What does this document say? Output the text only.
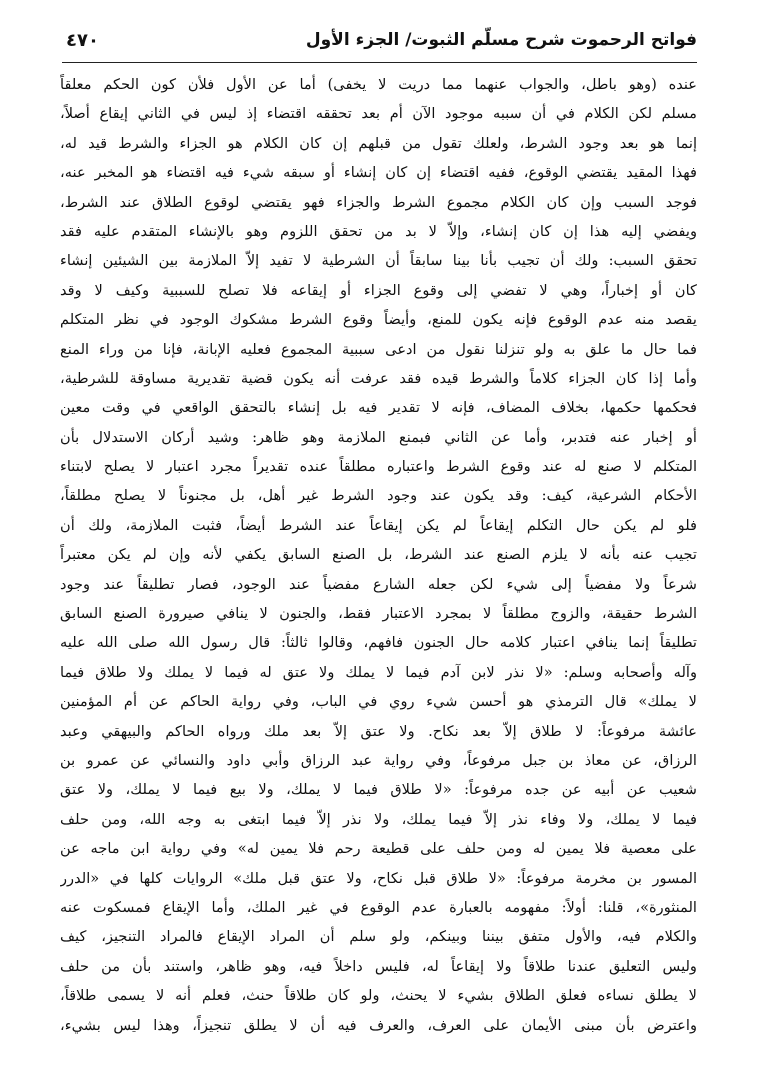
فواتح الرحموت شرح مسلّم الثبوت/ الجزء الأول
٤٧٠
عنده (وهو باطل، والجواب عنهما مما دريت لا يخفى) أما عن الأول فلأن كون الحكم معلقاً
مسلم لكن الكلام في أن سببه موجود الآن أم بعد تحققه اقتضاء إذ ليس في الثاني إيقاع أصلاً،
إنما هو بعد وجود الشرط، ولعلك تقول من قبلهم إن كان الكلام هو الجزاء والشرط قيد له،
فهذا المقيد يقتضي الوقوع، ففيه اقتضاء إن كان إنشاء أو سبقه شيء فيه اقتضاء هو المخبر عنه،
فوجد السبب وإن كان الكلام مجموع الشرط والجزاء فهو يقتضي لوقوع الطلاق عند الشرط،
ويفضي إليه هذا إن كان إنشاء، وإلاّ لا بد من تحقق اللزوم وهو بالإنشاء المتقدم عليه فقد
تحقق السبب: ولك أن تجيب بأنا بينا سابقاً أن الشرطية لا تفيد إلاّ الملازمة بين الشيئين إنشاء
كان أو إخباراً، وهي لا تفضي إلى وقوع الجزاء أو إيقاعه فلا تصلح للسببية وكيف لا وقد
يقصد منه عدم الوقوع فإنه يكون للمنع، وأيضاً وقوع الشرط مشكوك الوجود في نظر المتكلم
فما حال ما علق به ولو تنزلنا نقول من ادعى سببية المجموع فعليه الإبانة، فإنا من وراء المنع
وأما إذا كان الجزاء كلاماً والشرط قيده فقد عرفت أنه يكون قضية تقديرية مساوقة للشرطية،
فحكمها حكمها، بخلاف المضاف، فإنه لا تقدير فيه بل إنشاء بالتحقق الواقعي في وقت معين
أو إخبار عنه فتدبر، وأما عن الثاني فبمنع الملازمة وهو ظاهر: وشيد أركان الاستدلال بأن
المتكلم لا صنع له عند وقوع الشرط واعتباره مطلقاً عنده تقديراً مجرد اعتبار لا يصلح لابتناء
الأحكام الشرعية، كيف: وقد يكون عند وجود الشرط غير أهل، بل مجنوناً لا يصلح مطلقاً،
فلو لم يكن حال التكلم إيقاعاً لم يكن إيقاعاً عند الشرط أيضاً، فثبت الملازمة، ولك أن
تجيب عنه بأنه لا يلزم الصنع عند الشرط، بل الصنع السابق يكفي لأنه وإن لم يكن معتبراً
شرعاً ولا مفضياً إلى شيء لكن جعله الشارع مفضياً عند الوجود، فصار تطليقاً عند وجود
الشرط حقيقة، والزوج مطلقاً لا بمجرد الاعتبار فقط، والجنون لا ينافي صيرورة الصنع السابق
تطليقاً إنما ينافي اعتبار كلامه حال الجنون فافهم، وقالوا ثالثاً: قال رسول الله صلى الله عليه
وآله وأصحابه وسلم: «لا نذر لابن آدم فيما لا يملك ولا عتق له فيما لا يملك ولا طلاق فيما
لا يملك» قال الترمذي هو أحسن شيء روي في الباب، وفي رواية الحاكم عن أم المؤمنين
عائشة مرفوعاً: لا طلاق إلاّ بعد نكاح. ولا عتق إلاّ بعد ملك ورواه الحاكم والبيهقي وعبد
الرزاق، عن معاذ بن جبل مرفوعاً، وفي رواية عبد الرزاق وأبي داود والنسائي عن عمرو بن
شعيب عن أبيه عن جده مرفوعاً: «لا طلاق فيما لا يملك، ولا بيع فيما لا يملك، ولا عتق
فيما لا يملك، ولا وفاء نذر إلاّ فيما يملك، ولا نذر إلاّ فيما ابتغى به وجه الله، ومن حلف
على معصية فلا يمين له ومن حلف على قطيعة رحم فلا يمين له» وفي رواية ابن ماجه عن
المسور بن مخرمة مرفوعاً: «لا طلاق قبل نكاح، ولا عتق قبل ملك» الروايات كلها في «الدرر
المنثورة»، قلنا: أولاً: مفهومه بالعبارة عدم الوقوع في غير الملك، وأما الإيقاع فمسكوت عنه
والكلام فيه، والأول متفق بيننا وبينكم، ولو سلم أن المراد الإيقاع فالمراد التنجيز، كيف
وليس التعليق عندنا طلاقاً ولا إيقاعاً له، فليس داخلاً فيه، وهو ظاهر، واستند بأن من حلف
لا يطلق نساءه فعلق الطلاق بشيء لا يحنث، ولو كان طلاقاً حنث، فعلم أنه لا يسمى طلاقاً،
واعترض بأن مبنى الأيمان على العرف، والعرف فيه أن لا يطلق تنجيزاً، وهذا ليس بشيء،
